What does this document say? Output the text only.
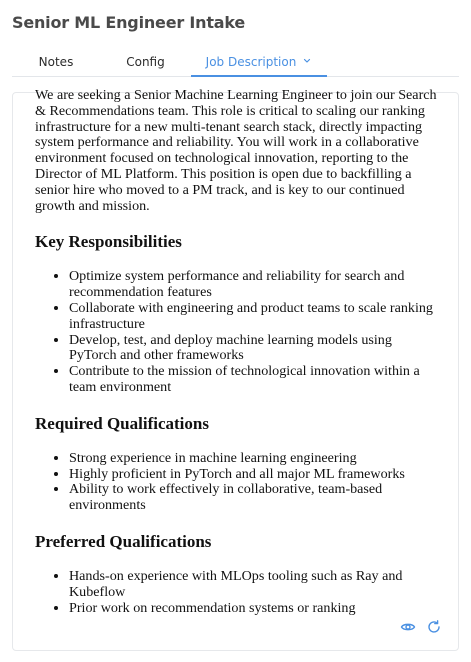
Senior ML Engineer Intake
Notes	Config	Job Description

We are seeking a Senior Machine Learning Engineer to join our Search & Recommendations team. This role is critical to scaling our ranking infrastructure for a new multi-tenant search stack, directly impacting system performance and reliability. You will work in a collaborative environment focused on technological innovation, reporting to the Director of ML Platform. This position is open due to backfilling a senior hire who moved to a PM track, and is key to our continued growth and mission.

Key Responsibilities
• Optimize system performance and reliability for search and recommendation features
• Collaborate with engineering and product teams to scale ranking infrastructure
• Develop, test, and deploy machine learning models using PyTorch and other frameworks
• Contribute to the mission of technological innovation within a team environment
Required Qualifications
• Strong experience in machine learning engineering
• Highly proficient in PyTorch and all major ML frameworks
• Ability to work effectively in collaborative, team-based environments
Preferred Qualifications
• Hands-on experience with MLOps tooling such as Ray and Kubeflow
• Prior work on recommendation systems or ranking
